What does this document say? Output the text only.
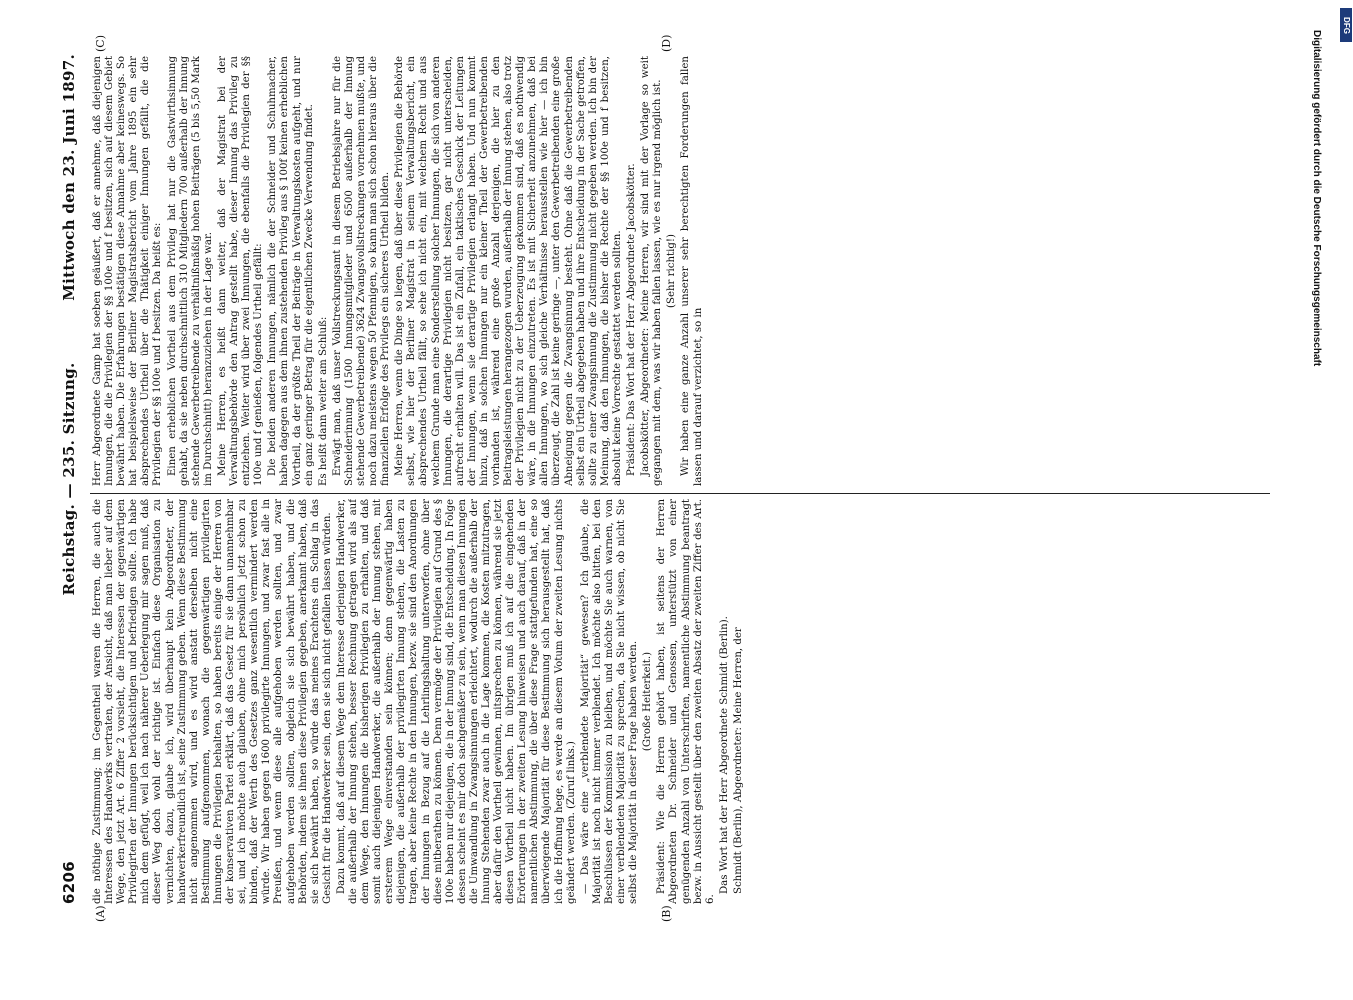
6206
Reichstag. — 235. Sitzung.
Mittwoch den 23. Juni 1897.
(A)	(B)
(C)	(D)

die nöthige Zustimmung; im Gegentheil waren die Herren, die auch die Interessen des Handwerks vertraten, der Ansicht, daß man lieber auf dem Wege, den jetzt Art. 6 Ziffer 2 vorsieht, die Interessen der gegenwärtigen Privilegirten der Innungen berücksichtigen und befriedigen sollte. Ich habe mich dem gefügt, weil ich nach näherer Ueberlegung mir sagen muß, daß dieser Weg doch wohl der richtige ist. Einfach diese Organisation zu vernichten, dazu, glaube ich, wird überhaupt kein Abgeordneter, der handwerkerfreundlich ist, seine Zustimmung geben. Wenn diese Bestimmung nicht angenommen wird, und es wird anstatt derselben nicht eine Bestimmung aufgenommen, wonach die gegenwärtigen privilegirten Innungen die Privilegien behalten, so haben bereits einige der Herren von der konservativen Partei erklärt, daß das Gesetz für sie dann unannehmbar sei, und ich möchte auch glauben, ohne mich persönlich jetzt schon zu binden, daß der Werth des Gesetzes ganz wesentlich vermindert werden würde. Wir haben gegen 1600 privilegirte Innungen, und zwar fast alle in Preußen, und wenn diese alle aufgehoben werden sollten, und zwar aufgehoben werden sollten, obgleich sie sich bewährt haben, und die Behörden, indem sie ihnen diese Privilegien gegeben, anerkannt haben, daß sie sich bewährt haben, so würde das meines Erachtens ein Schlag in das Gesicht für die Handwerker sein, den sie sich nicht gefallen lassen würden. Dazu kommt, daß auf diesem Wege dem Interesse derjenigen Handwerker, die außerhalb der Innung stehen, besser Rechnung getragen wird als auf dem Wege, den Innungen die bisherigen Privilegien zu erhalten, und daß somit auch diejenigen Handwerker, die außerhalb der Innung stehen, mit ersterem Wege einverstanden sein können; denn gegenwärtig haben diejenigen, die außerhalb der privilegirten Innung stehen, die Lasten zu tragen, aber keine Rechte in den Innungen, bezw. sie sind den Anordnungen der Innungen in Bezug auf die Lehrlingshaltung unterworfen, ohne über diese mitberathen zu können. Denn vermöge der Privilegien auf Grund des § 100e haben nur diejenigen, die in der Innung sind, die Entscheidung. In Folge dessen scheint es mir doch sachgemäßer zu sein, wenn man diesen Innungen die Umwandlung in Zwangsinnungen erleichtert, wodurch die außerhalb der Innung Stehenden zwar auch in die Lage kommen, die Kosten mitzutragen, aber dafür den Vortheil gewinnen, mitsprechen zu können, während sie jetzt diesen Vortheil nicht haben. Im übrigen muß ich auf die eingehenden Erörterungen in der zweiten Lesung hinweisen und auch darauf, daß in der namentlichen Abstimmung, die über diese Frage stattgefunden hat, eine so überwiegende Majorität für diese Bestimmung sich herausgestellt hat, daß ich die Hoffnung hege, es werde an diesem Votum der zweiten Lesung nichts geändert werden. (Zuruf links.) — Das wäre eine „verblendete Majorität“ gewesen? Ich glaube, die Majorität ist noch nicht immer verblendet. Ich möchte also bitten, bei den Beschlüssen der Kommission zu bleiben, und möchte Sie auch warnen, von einer verblendeten Majorität zu sprechen, da Sie nicht wissen, ob nicht Sie selbst die Majorität in dieser Frage haben werden. (Große Heiterkeit.) Präsident: Wie die Herren gehört haben, ist seitens der Herren Abgeordneten Dr. Schneider und Genossen, unterstützt von einer genügenden Anzahl von Unterschriften, namentliche Abstimmung beantragt bezw. in Aussicht gestellt über den zweiten Absatz der zweiten Ziffer des Art. 6.

Das Wort hat der Herr Abgeordnete Schmidt (Berlin). Schmidt (Berlin), Abgeordneter: Meine Herren, der

Herr Abgeordnete Gamp hat soeben geäußert, daß er annehme, daß diejenigen Innungen, die die Privilegien der §§ 100e und f besitzen, sich auf diesem Gebiet bewährt haben. Die Erfahrungen bestätigen diese Annahme aber keineswegs. So hat beispielsweise der Berliner Magistratsbericht vom Jahre 1895 ein sehr absprechendes Urtheil über die Thätigkeit einiger Innungen gefällt, die die Privilegien der §§ 100e und f besitzen. Da heißt es: Einen erheblichen Vortheil aus dem Privileg hat nur die Gastwirthsinnung gehabt, da sie neben durchschnittlich 310 Mitgliedern 700 außerhalb der Innung stehende Gewerbetreibende zu verhältnißmäßig hohen Beiträgen (5 bis 5,50 Mark im Durchschnitt) heranzuziehen in der Lage war. Meine Herren, es heißt dann weiter, daß der Magistrat bei der Verwaltungsbehörde den Antrag gestellt habe, dieser Innung das Privileg zu entziehen. Weiter wird über zwei Innungen, die ebenfalls die Privilegien der §§ 100e und f genießen, folgendes Urtheil gefällt: Die beiden anderen Innungen, nämlich die der Schneider und Schuhmacher, haben dagegen aus dem ihnen zustehenden Privileg aus § 100f keinen erheblichen Vortheil, da der größte Theil der Beiträge in Verwaltungskosten aufgeht, und nur ein ganz geringer Betrag für die eigentlichen Zwecke Verwendung findet. Es heißt dann weiter am Schluß: Erwägt man, daß unser Vollstreckungsamt in diesem Betriebsjahre nur für die Schneiderinnung (1500 Innungsmitglieder und 6500 außerhalb der Innung stehende Gewerbetreibende) 3624 Zwangsvollstreckungen vornehmen mußte, und noch dazu meistens wegen 50 Pfennigen, so kann man sich schon hieraus über die finanziellen Erfolge des Privilegs ein sicheres Urtheil bilden. Meine Herren, wenn die Dinge so liegen, daß über diese Privilegien die Behörde selbst, wie hier der Berliner Magistrat in seinem Verwaltungsbericht, ein absprechendes Urtheil fällt, so sehe ich nicht ein, mit welchem Recht und aus welchem Grunde man eine Sonderstellung solcher Innungen, die sich von anderen Innungen, die derartige Privilegien nicht besitzen, gar nicht unterscheiden, aufrecht erhalten will. Das ist ein Zufall, ein taktisches Geschick der Leitungen der Innungen, wenn sie derartige Privilegien erlangt haben. Und nun kommt hinzu, daß in solchen Innungen nur ein kleiner Theil der Gewerbetreibenden vorhanden ist, während eine große Anzahl derjenigen, die hier zu den Beitragsleistungen herangezogen wurden, außerhalb der Innung stehen, also trotz der Privilegien nicht zu der Ueberzeugung gekommen sind, daß es nothwendig wäre, in die Innungen einzutreten. Es ist mit Sicherheit anzunehmen, daß bei allen Innungen, wo sich gleiche Verhältnisse herausstellen wie hier — ich bin überzeugt, die Zahl ist keine geringe —, unter den Gewerbetreibenden eine große Abneigung gegen die Zwangsinnung besteht. Ohne daß die Gewerbetreibenden selbst ein Urtheil abgegeben haben und ihre Entscheidung in der Sache getroffen, sollte zu einer Zwangsinnung die Zustimmung nicht gegeben werden. Ich bin der Meinung, daß den Innungen, die bisher die Rechte der §§ 100e und f besitzen, absolut keine Vorrechte gestattet werden sollten. Präsident: Das Wort hat der Herr Abgeordnete Jacobskötter. Jacobskötter, Abgeordneter: Meine Herren, wir sind mit der Vorlage so weit gegangen mit dem, was wir haben fallen lassen, wie es nur irgend möglich ist. (Sehr richtig!) Wir haben eine ganze Anzahl unserer sehr berechtigten Forderungen fallen lassen und darauf verzichtet, so in

Digitalisierung gefördert durch die Deutsche Forschungsgemeinschaft
DFG
